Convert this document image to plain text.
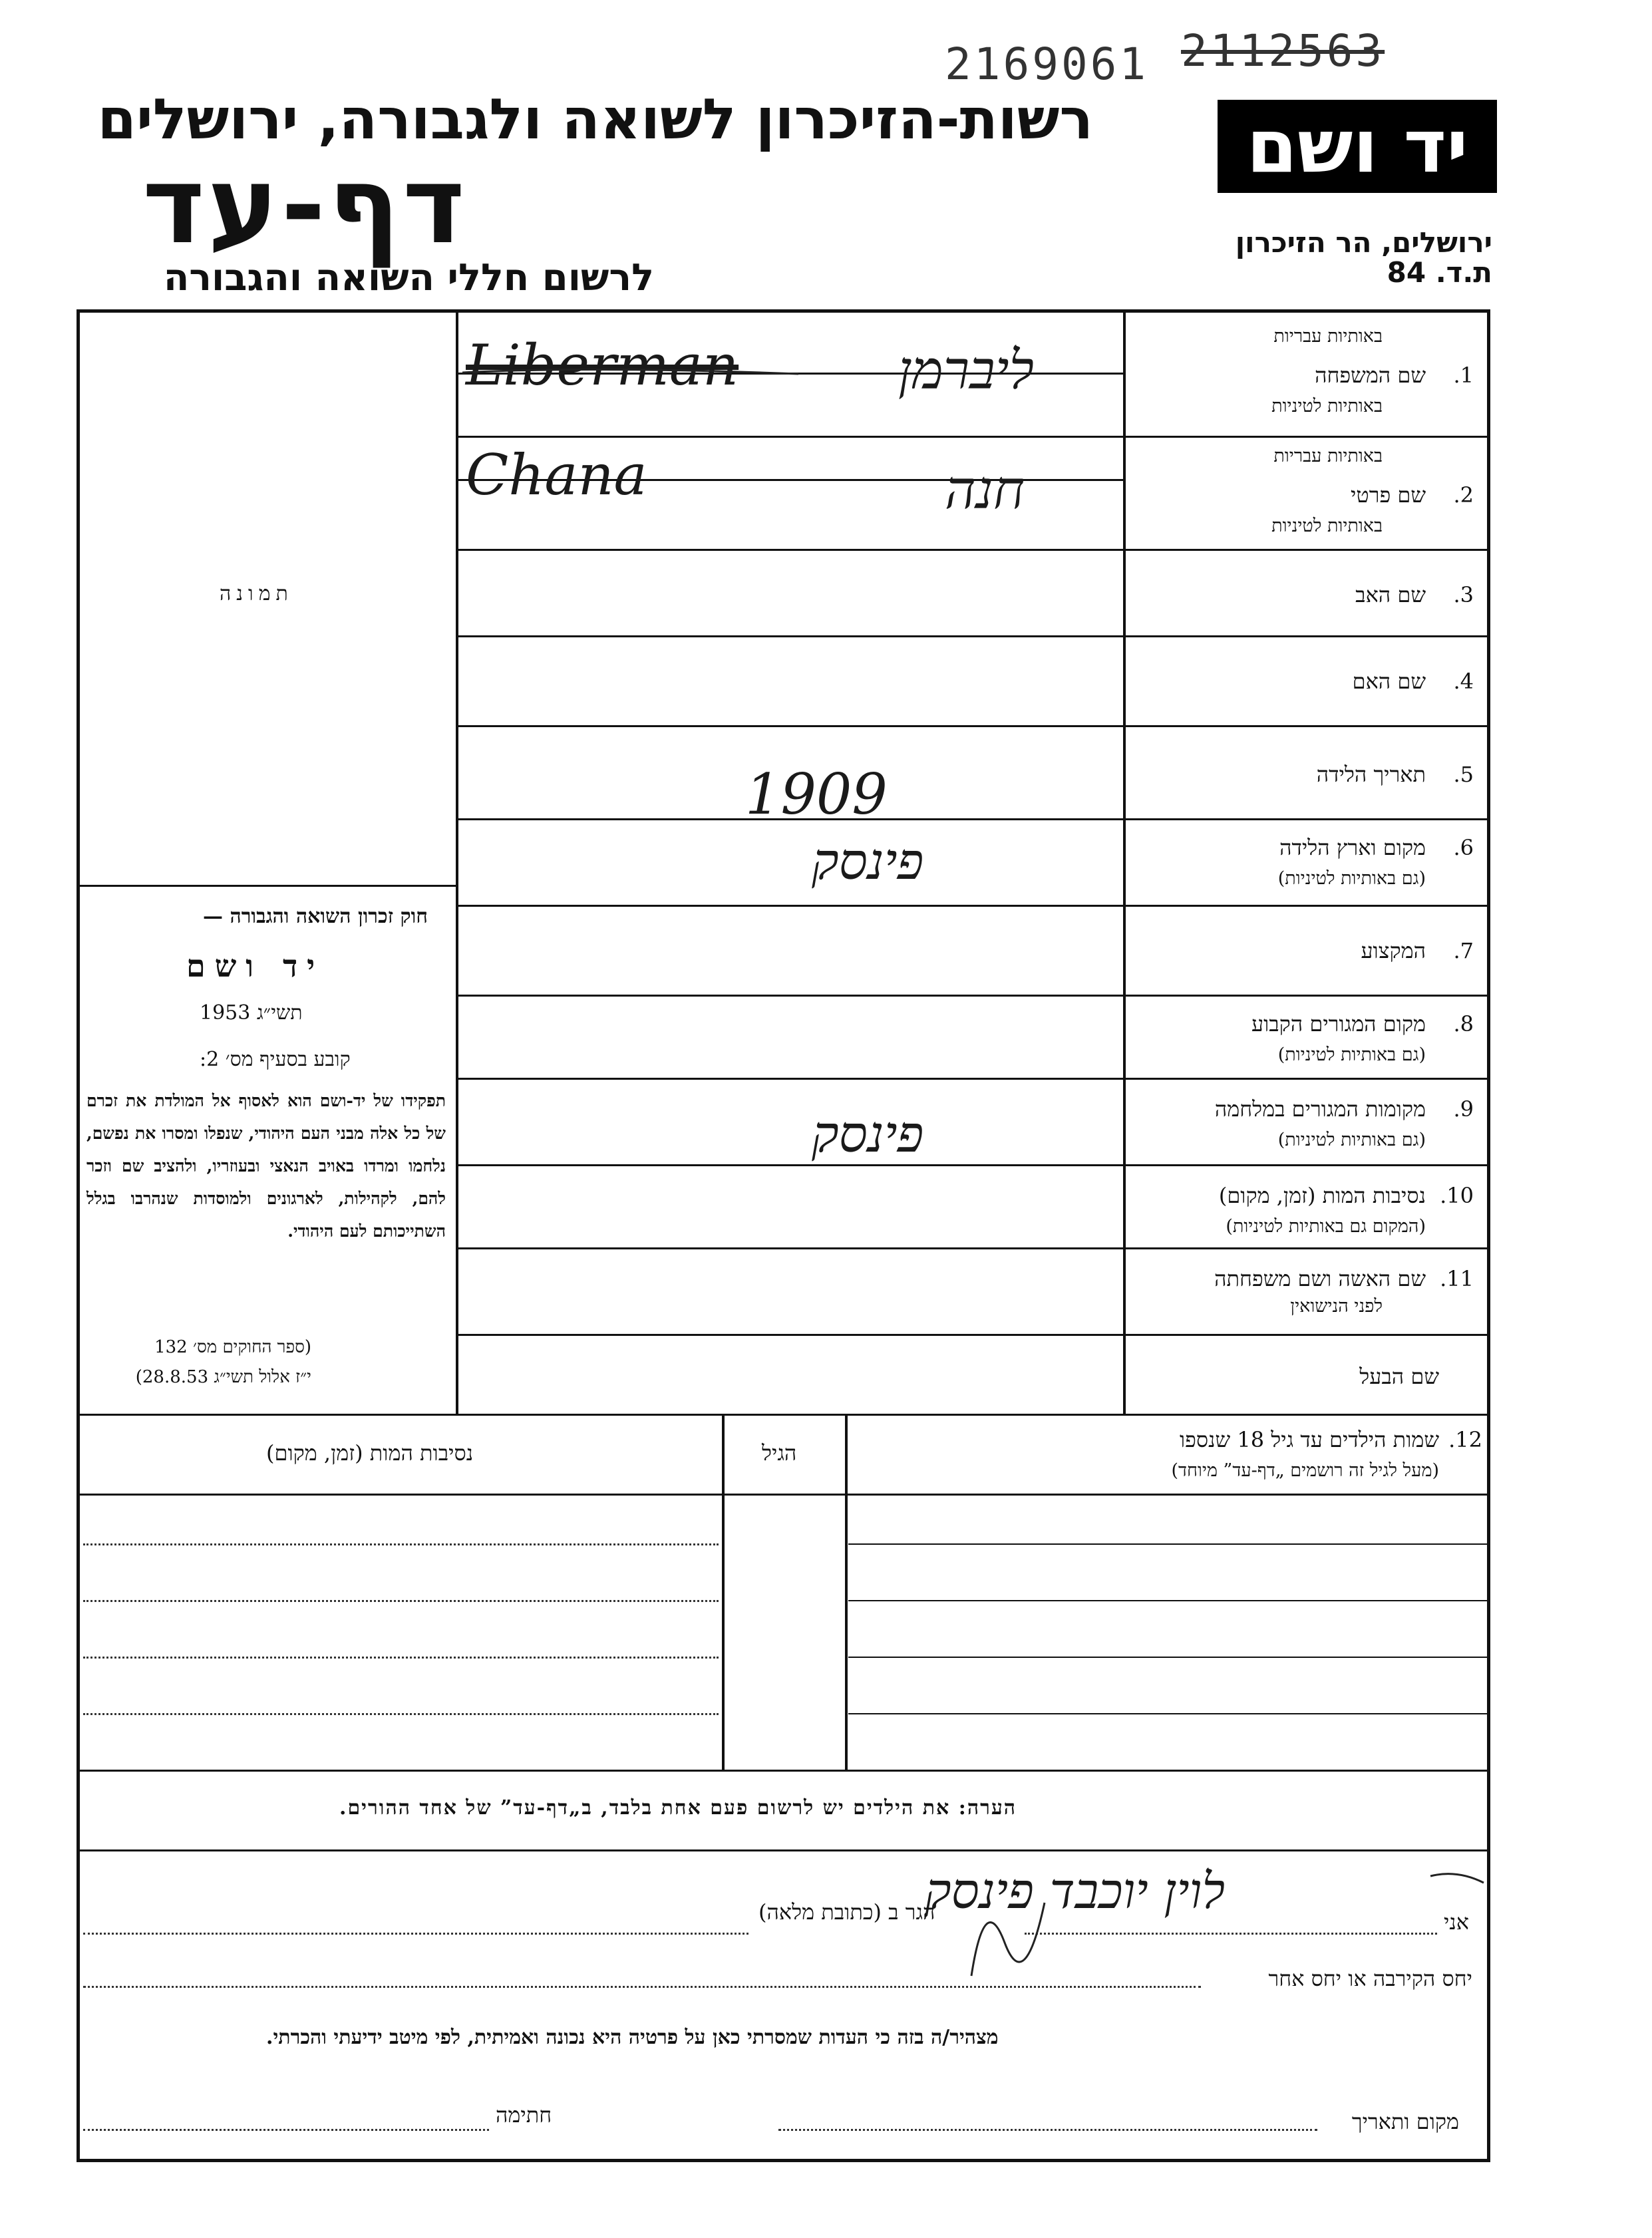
2169061 2112563
רשות-הזיכרון לשואה ולגבורה, ירושלים
דף-עד
לרשום חללי השואה והגבורה
יד ושם
ירושלים, הר הזיכרון
ת.ד. 84
תמונה
באותיות עבריות
שם המשפחה 1.
באותיות לטיניות
באותיות עבריות
שם פרטי 2.
באותיות לטיניות
שם האב 3.
שם האם 4.
תאריך הלידה 5.
מקום וארץ הלידה 6.
(גם באותיות לטיניות)
המקצוע 7.
מקום המגורים הקבוע 8.
(גם באותיות לטיניות)
מקומות המגורים במלחמה 9.
(גם באותיות לטיניות)
נסיבות המות (זמן, מקום) 10.
(המקום גם באותיות לטיניות)
שם האשה ושם משפחתה 11.
לפני הנישואין
שם הבעל
Liberman	ליברמן
Chana	חנה
1909
פינסק
פינסק
חוק זכרון השואה והגבורה —
יד ושם
תשי״ג 1953
קובע בסעיף מס׳ 2:
תפקידו של יד-ושם הוא לאסוף אל המולדת את זכרם של כל אלה מבני העם היהודי, שנפלו ומסרו את נפשם, נלחמו ומרדו באויב הנאצי ובעוזריו, ולהציב שם וזכר להם, לקהילות, לארגונים ולמוסדות שנהרבו בגלל השתייכותם לעם היהודי.
(ספר החוקים מס׳ 132
י״ז אלול תשי״ג 28.8.53)
שמות הילדים עד גיל 18 שנספו 12.
(מעל לגיל זה רושמים „דף-עד” מיוחד)
הגיל
נסיבות המות (זמן, מקום)
הערה: את הילדים יש לרשום פעם אחת בלבד, ב„דף-עד” של אחד ההורים.
אני
לוין יוכבד פינסק
הגר ב (כתובת מלאה)
יחס הקירבה או יחס אחר
מצהיר/ה בזה כי העדות שמסרתי כאן על פרטיה היא נכונה ואמיתית, לפי מיטב ידיעתי והכרתי.
מקום ותאריך
חתימה
